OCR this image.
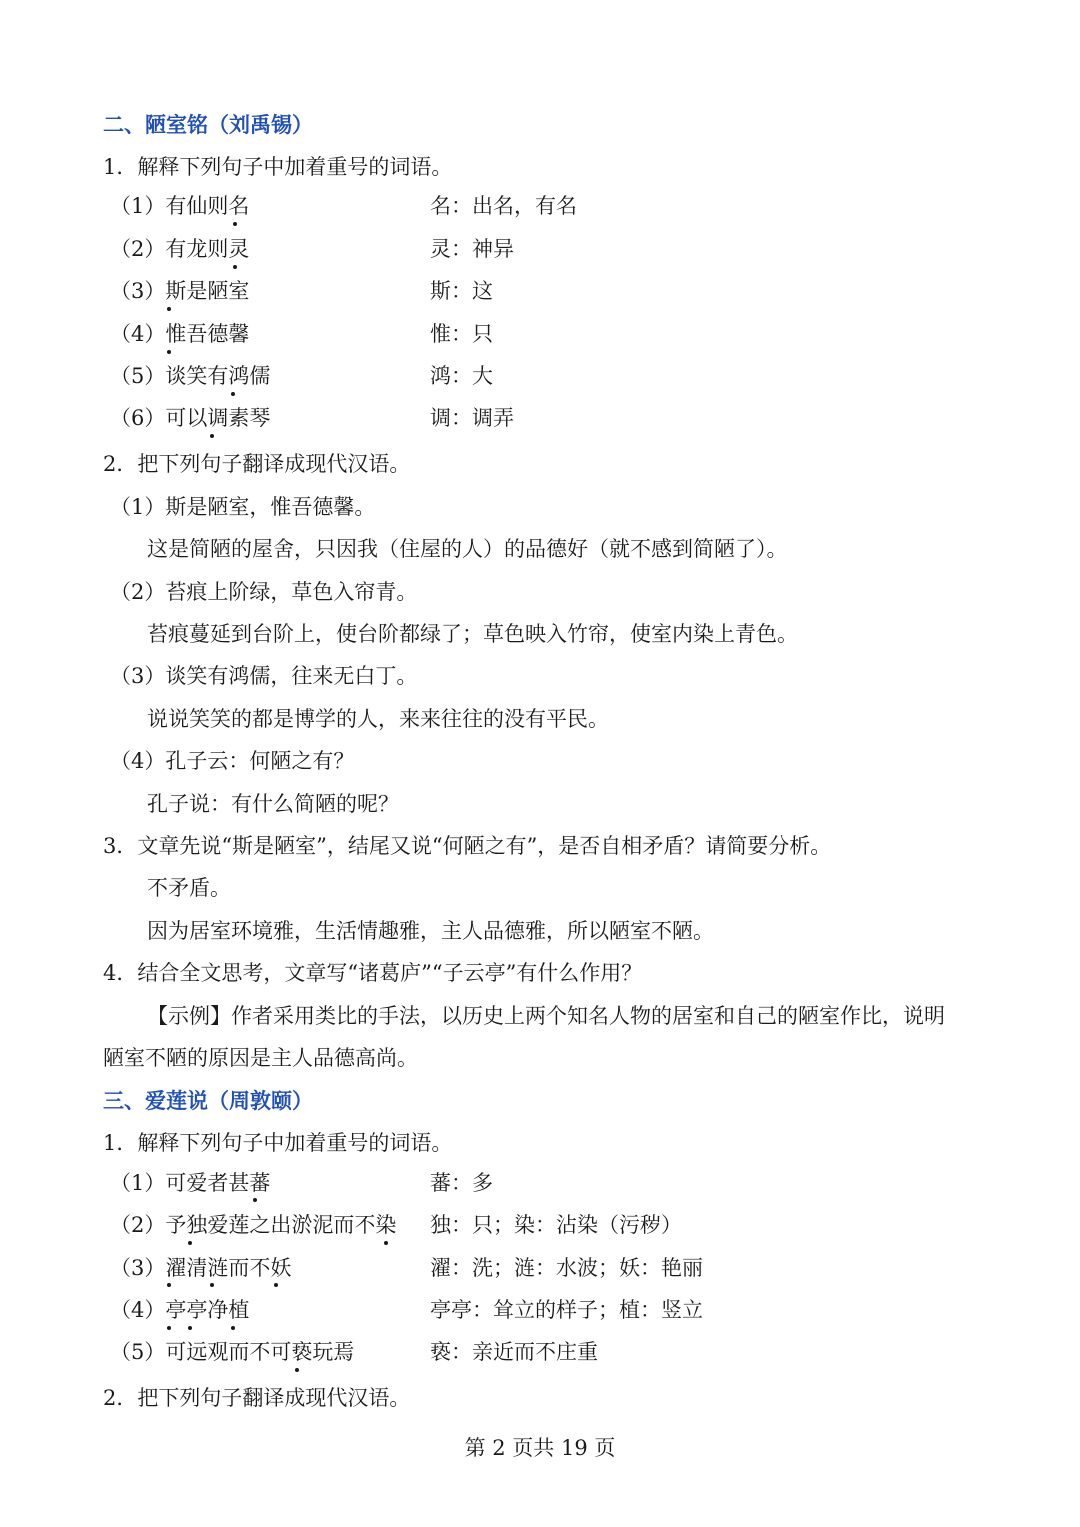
二、陋室铭（刘禹锡）
1．解释下列句子中加着重号的词语。
（1）有仙则名	名：出名，有名
（2）有龙则灵	灵：神异
（3）斯是陋室	斯：这
（4）惟吾德馨	惟：只
（5）谈笑有鸿儒	鸿：大
（6）可以调素琴	调：调弄
2．把下列句子翻译成现代汉语。
（1）斯是陋室，惟吾德馨。
这是简陋的屋舍，只因我（住屋的人）的品德好（就不感到简陋了）。
（2）苔痕上阶绿，草色入帘青。
苔痕蔓延到台阶上，使台阶都绿了；草色映入竹帘，使室内染上青色。
（3）谈笑有鸿儒，往来无白丁。
说说笑笑的都是博学的人，来来往往的没有平民。
（4）孔子云：何陋之有？
孔子说：有什么简陋的呢？
3．文章先说“斯是陋室”，结尾又说“何陋之有”，是否自相矛盾？请简要分析。
不矛盾。
因为居室环境雅，生活情趣雅，主人品德雅，所以陋室不陋。
4．结合全文思考，文章写“诸葛庐”“子云亭”有什么作用？
【示例】作者采用类比的手法，以历史上两个知名人物的居室和自己的陋室作比，说明
陋室不陋的原因是主人品德高尚。
三、爱莲说（周敦颐）
1．解释下列句子中加着重号的词语。
（1）可爱者甚蕃	蕃：多
（2）予独爱莲之出淤泥而不染 独：只；染：沾染（污秽）
（3）濯清涟而不妖	濯：洗；涟：水波；妖：艳丽
（4）亭亭净植	亭亭：耸立的样子；植：竖立
（5）可远观而不可亵玩焉	亵：亲近而不庄重
2．把下列句子翻译成现代汉语。
第 2 页共 19 页
